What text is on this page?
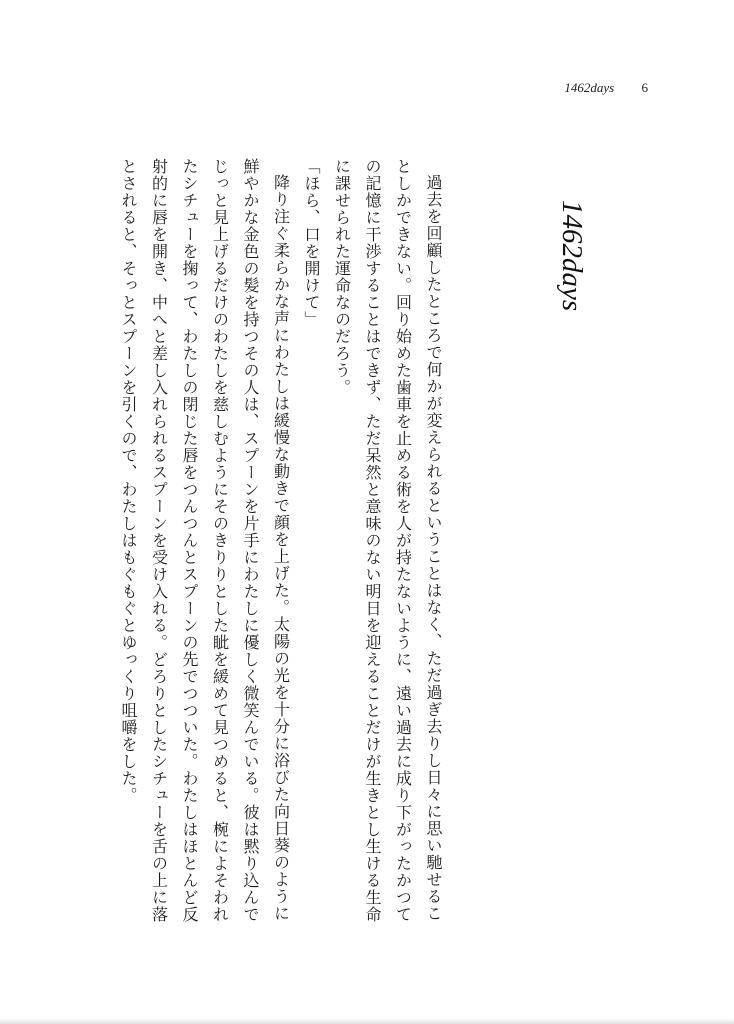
1462days 6
1462days

過去を回顧したところで何かが変えられるということはなく、ただ過ぎ去りし日々に思い馳せることしかできない。回り始めた歯車を止める術を人が持たないように、遠い過去に成り下がったかつての記憶に干渉することはできず、ただ呆然と意味のない明日を迎えることだけが生きとし生ける生命に課せられた運命なのだろう。

「ほら、口を開けて」

降り注ぐ柔らかな声にわたしは緩慢な動きで顔を上げた。太陽の光を十分に浴びた向日葵のように鮮やかな金色の髪を持つその人は、スプーンを片手にわたしに優しく微笑んでいる。彼は黙り込んでじっと見上げるだけのわたしを慈しむようにそのきりりとした眦を緩めて見つめると、椀によそわれたシチューを掬って、わたしの閉じた唇をつんつんとスプーンの先でつついた。わたしはほとんど反射的に唇を開き、中へと差し入れられるスプーンを受け入れる。どろりとしたシチューを舌の上に落とされると、そっとスプーンを引くので、わたしはもぐもぐとゆっくり咀嚼をした。
